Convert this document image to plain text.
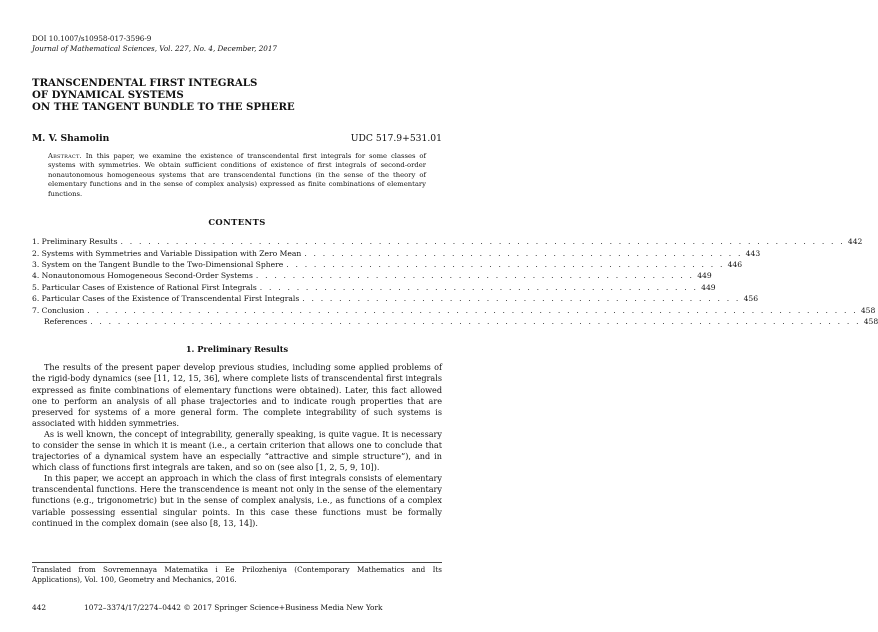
DOI 10.1007/s10958-017-3596-9
Journal of Mathematical Sciences, Vol. 227, No. 4, December, 2017
TRANSCENDENTAL FIRST INTEGRALS
OF DYNAMICAL SYSTEMS
ON THE TANGENT BUNDLE TO THE SPHERE
M. V. Shamolin	UDC 517.9+531.01
Abstract. In this paper, we examine the existence of transcendental first integrals for some classes of systems with symmetries. We obtain sufficient conditions of existence of first integrals of second-order nonautonomous homogeneous systems that are transcendental functions (in the sense of the theory of elementary functions and in the sense of complex analysis) expressed as finite combinations of elementary functions.
CONTENTS
1. Preliminary Results . . . . . . . . . . . . . . . . . . . . . . . . . . . . . . . . . . . . . . . . . . . . . . . . . . . . . . . . . . . . . . . . . . . . . . . . . . . . . . . 442
2. Systems with Symmetries and Variable Dissipation with Zero Mean . . . . . . . . . . . . . . . . . . . . . . . . . . . . . . . . . . . . . . . . . . . . . . . . 443
3. System on the Tangent Bundle to the Two-Dimensional Sphere . . . . . . . . . . . . . . . . . . . . . . . . . . . . . . . . . . . . . . . . . . . . . . . . 446
4. Nonautonomous Homogeneous Second-Order Systems . . . . . . . . . . . . . . . . . . . . . . . . . . . . . . . . . . . . . . . . . . . . . . . . 449
5. Particular Cases of Existence of Rational First Integrals . . . . . . . . . . . . . . . . . . . . . . . . . . . . . . . . . . . . . . . . . . . . . . . . 449
6. Particular Cases of the Existence of Transcendental First Integrals . . . . . . . . . . . . . . . . . . . . . . . . . . . . . . . . . . . . . . . . . . . . . . . . 456
7. Conclusion . . . . . . . . . . . . . . . . . . . . . . . . . . . . . . . . . . . . . . . . . . . . . . . . . . . . . . . . . . . . . . . . . . . . . . . . . . . . . . . . . . . . 458
References . . . . . . . . . . . . . . . . . . . . . . . . . . . . . . . . . . . . . . . . . . . . . . . . . . . . . . . . . . . . . . . . . . . . . . . . . . . . . . . . . . . . 458
1. Preliminary Results

The results of the present paper develop previous studies, including some applied problems of the rigid-body dynamics (see [11, 12, 15, 36], where complete lists of transcendental first integrals expressed as finite combinations of elementary functions were obtained). Later, this fact allowed one to perform an analysis of all phase trajectories and to indicate rough properties that are preserved for systems of a more general form. The complete integrability of such systems is associated with hidden symmetries.

As is well known, the concept of integrability, generally speaking, is quite vague. It is necessary to consider the sense in which it is meant (i.e., a certain criterion that allows one to conclude that trajectories of a dynamical system have an especially “attractive and simple structure”), and in which class of functions first integrals are taken, and so on (see also [1, 2, 5, 9, 10]).

In this paper, we accept an approach in which the class of first integrals consists of elementary transcendental functions. Here the transcendence is meant not only in the sense of the elementary functions (e.g., trigonometric) but in the sense of complex analysis, i.e., as functions of a complex variable possessing essential singular points. In this case these functions must be formally continued in the complex domain (see also [8, 13, 14]).

Translated from Sovremennaya Matematika i Ee Prilozheniya (Contemporary Mathematics and Its Applications), Vol. 100, Geometry and Mechanics, 2016.
442	1072–3374/17/2274–0442 © 2017 Springer Science+Business Media New York
